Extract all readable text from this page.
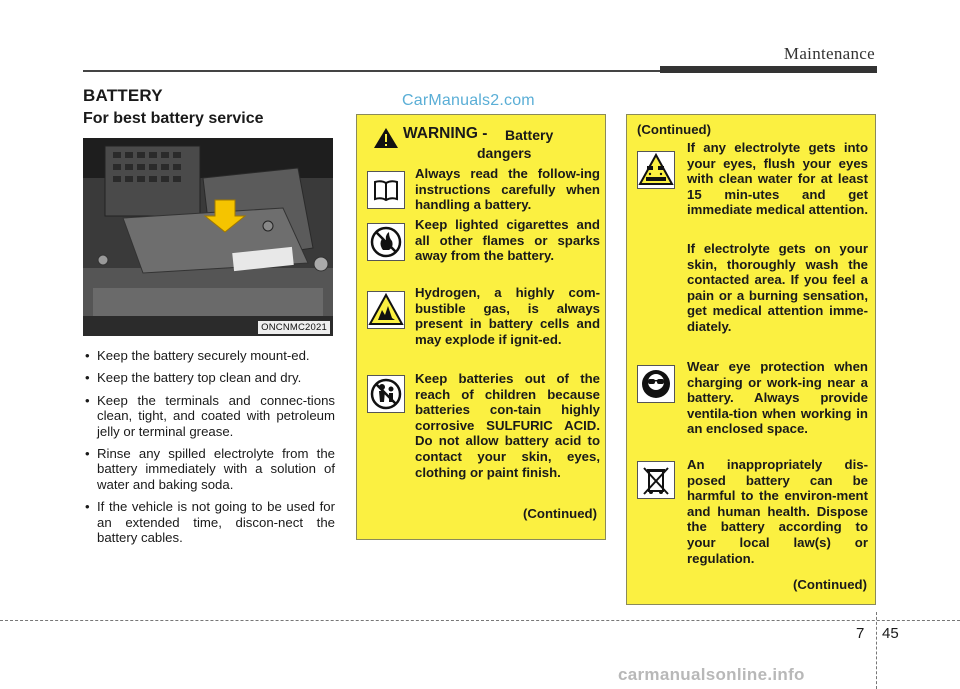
Maintenance
BATTERY	CarManuals2.com
For best battery service
ONCNMC2021
• Keep the battery securely mount-ed.
• Keep the battery top clean and dry.
• Keep the terminals and connec-tions clean, tight, and coated with petroleum jelly or terminal grease.
• Rinse any spilled electrolyte from the battery immediately with a solution of water and baking soda.
• If the vehicle is not going to be used for an extended time, discon-nect the battery cables.
WARNING - Battery
dangers
Always read the follow-ing instructions carefully when handling a battery.
Keep lighted cigarettes and all other flames or sparks away from the battery.
Hydrogen, a highly com-bustible gas, is always present in battery cells and may explode if ignit-ed.
Keep batteries out of the reach of children because batteries con-tain highly corrosive SULFURIC ACID. Do not allow battery acid to contact your skin, eyes, clothing or paint finish.
(Continued)
(Continued)
If any electrolyte gets into your eyes, flush your eyes with clean water for at least 15 min-utes and get immediate medical attention.
If electrolyte gets on your skin, thoroughly wash the contacted area. If you feel a pain or a burning sensation, get medical attention imme-diately.
Wear eye protection when charging or work-ing near a battery. Always provide ventila-tion when working in an enclosed space.
An inappropriately dis-posed battery can be harmful to the environ-ment and human health. Dispose the battery according to your local law(s) or regulation.
(Continued)
7 45
carmanualsonline.info
